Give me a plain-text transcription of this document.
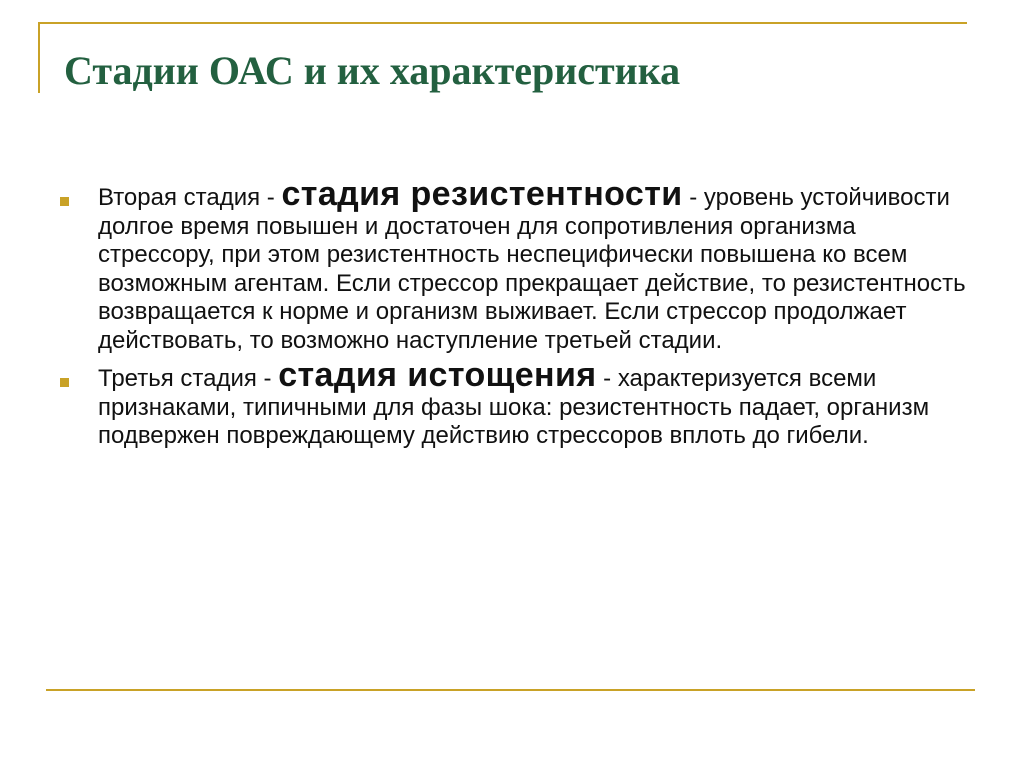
Стадии ОАС и их характеристика
Вторая стадия - стадия резистентности - уровень устойчивости долгое время повышен и достаточен для сопротивления организма стрессору, при этом резистентность неспецифически повышена ко всем возможным агентам. Если стрессор прекращает действие, то резистентность возвращается к норме и организм выживает. Если стрессор продолжает действовать, то возможно наступление третьей стадии.
Третья стадия - стадия истощения - характеризуется всеми признаками, типичными для фазы шока: резистентность падает, организм подвержен повреждающему действию стрессоров вплоть до гибели.
